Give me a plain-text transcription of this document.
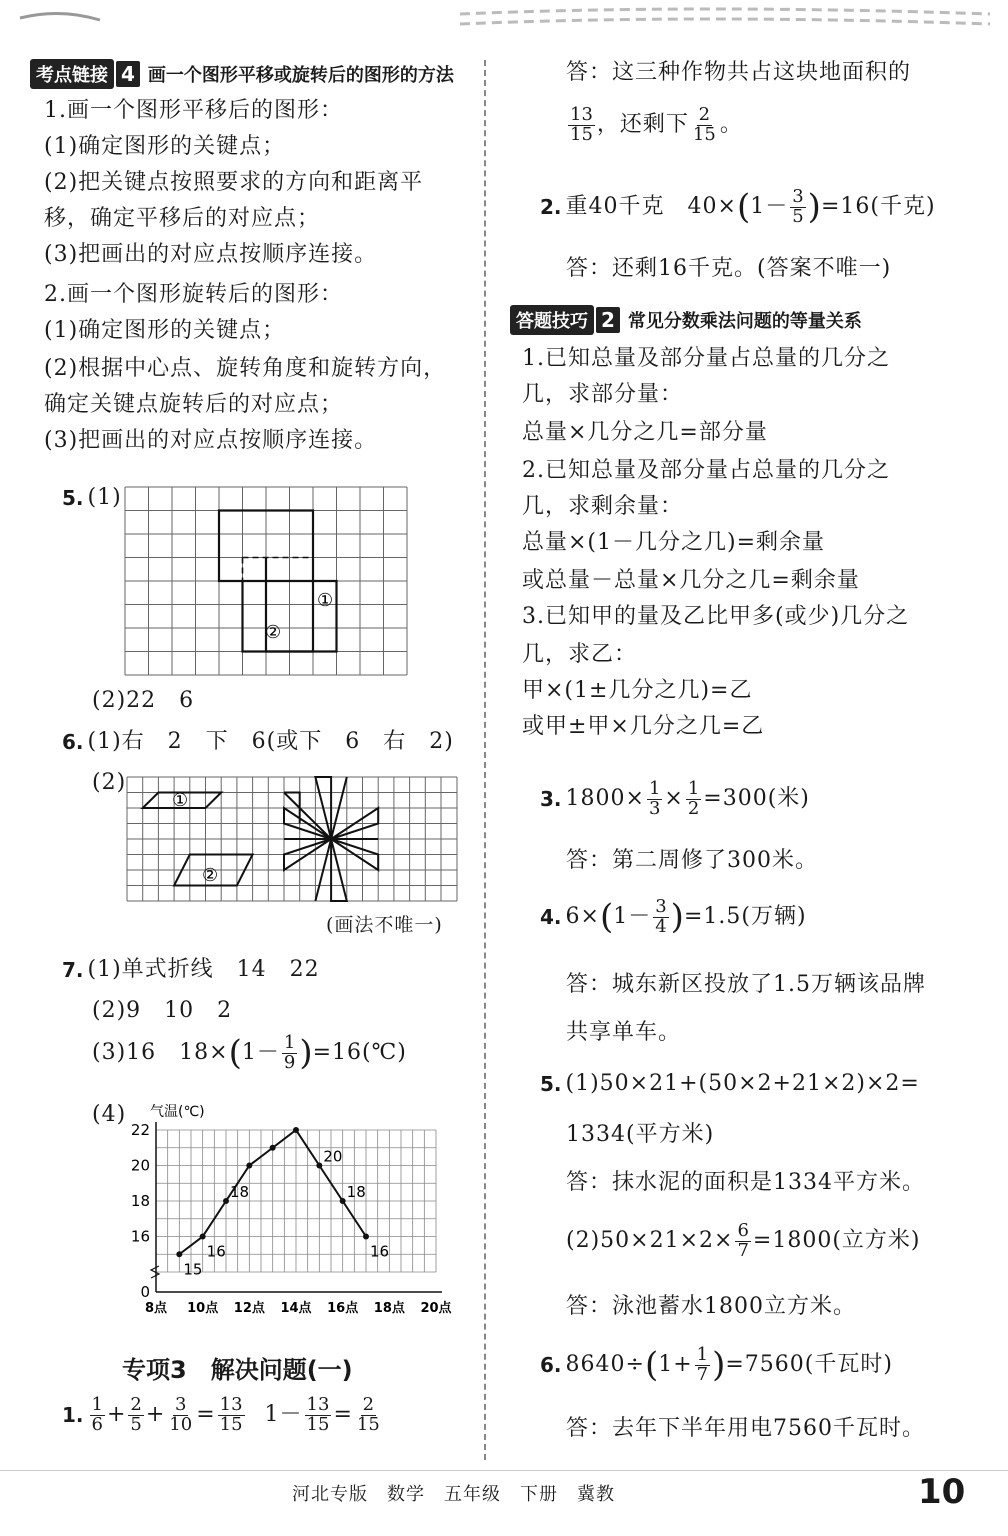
考点链接 4 画一个图形平移或旋转后的图形的方法
1.画一个图形平移后的图形：
(1)确定图形的关键点；
(2)把关键点按照要求的方向和距离平
移，确定平移后的对应点；
(3)把画出的对应点按顺序连接。
2.画一个图形旋转后的图形：
(1)确定图形的关键点；
(2)根据中心点、旋转角度和旋转方向，
确定关键点旋转后的对应点；
(3)把画出的对应点按顺序连接。
5. (1)
①
②
(2)22　6
6. (1)右　2　下　6(或下　6　右　2)
(2)
①
②
(画法不唯一)
7. (1)单式折线　14　22
(2)9　10　2
(3)16　18× ( $1- \frac{1}{9}$ ) =16(℃)
(4) 气温(℃)
0
16
18
20
22
8点 10点 12点 14点 16点 18点 20点
15
16
18
20
18
16
专项3　解决问题(一)
1. $\frac{1}{6} + \frac{2}{5} + \frac{3}{10} = \frac{13}{15} 1- \frac{13}{15} = \frac{2}{15}$
答：这三种作物共占这块地面积的
$\frac{13}{15}$ ，还剩下 $\frac{2}{15}$ 。
2. 重40千克　40× ( $1- \frac{3}{5}$ ) =16(千克)
答：还剩16千克。(答案不唯一)
答题技巧 2 常见分数乘法问题的等量关系
1.已知总量及部分量占总量的几分之
几，求部分量：
总量×几分之几=部分量
2.已知总量及部分量占总量的几分之
几，求剩余量：
总量×(1－几分之几)=剩余量
或总量－总量×几分之几=剩余量
3.已知甲的量及乙比甲多(或少)几分之
几，求乙：
甲×(1±几分之几)=乙
或甲±甲×几分之几=乙
3. $1800\times \frac{1}{3} \times \frac{1}{2} =300$(米)
答：第二周修了300米。
4. 6× ( $1- \frac{3}{4}$ ) =1.5(万辆)
答：城东新区投放了1.5万辆该品牌
共享单车。
5. (1)50×21+(50×2+21×2)×2=
1334(平方米)
答：抹水泥的面积是1334平方米。
$(2)50\times 21\times 2\times \frac{6}{7} =1800$(立方米)
答：泳池蓄水1800立方米。
6. 8640÷ ( $1+ \frac{1}{7}$ ) =7560(千瓦时)
答：去年下半年用电7560千瓦时。
河北专版　数学　五年级　下册　冀教	10
